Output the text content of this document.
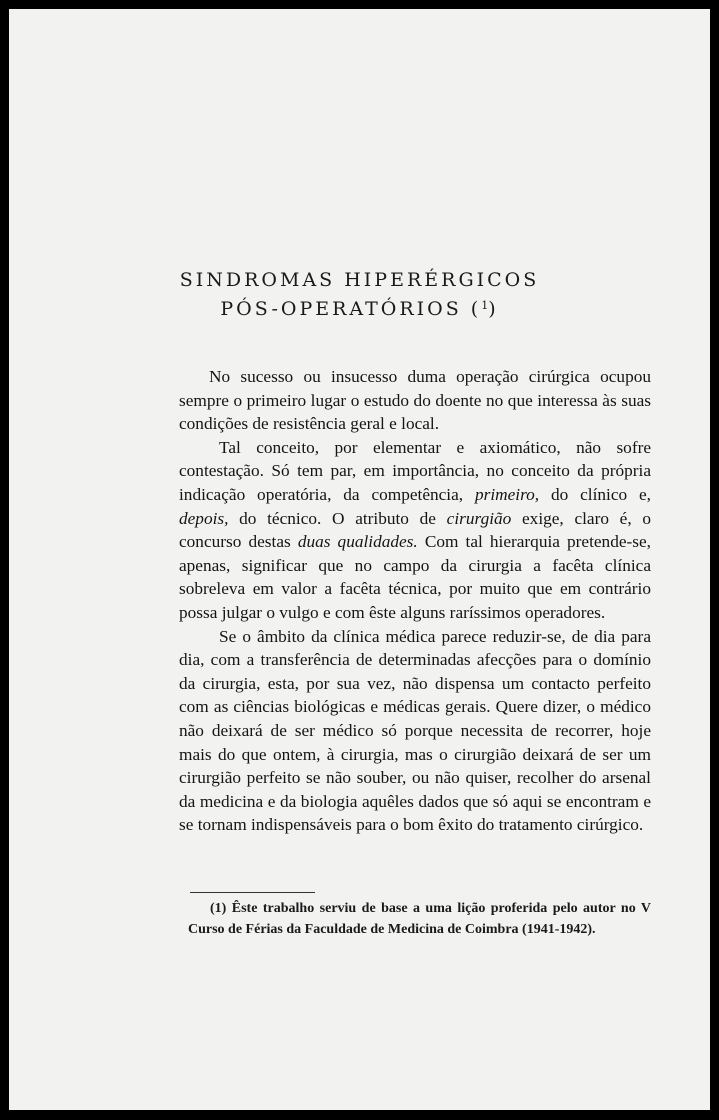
SINDROMAS HIPERÉRGICOS
PÓS-OPERATÓRIOS ($^1$)

No sucesso ou insucesso duma operação cirúrgica ocupou sempre o primeiro lugar o estudo do doente no que interessa às suas condições de resistência geral e local.

Tal conceito, por elementar e axiomático, não sofre contestação. Só tem par, em importância, no conceito da própria indicação operatória, da competência, primeiro, do clínico e, depois, do técnico. O atributo de cirurgião exige, claro é, o concurso destas duas qualidades. Com tal hierarquia pretende-se, apenas, significar que no campo da cirurgia a facêta clínica sobreleva em valor a facêta técnica, por muito que em contrário possa julgar o vulgo e com êste alguns raríssimos operadores.

Se o âmbito da clínica médica parece reduzir-se, de dia para dia, com a transferência de determinadas afecções para o domínio da cirurgia, esta, por sua vez, não dispensa um contacto perfeito com as ciências biológicas e médicas gerais. Quere dizer, o médico não deixará de ser médico só porque necessita de recorrer, hoje mais do que ontem, à cirurgia, mas o cirurgião deixará de ser um cirurgião perfeito se não souber, ou não quiser, recolher do arsenal da medicina e da biologia aquêles dados que só aqui se encontram e se tornam indispensáveis para o bom êxito do tratamento cirúrgico.

(1) Êste trabalho serviu de base a uma lição proferida pelo autor no V Curso de Férias da Faculdade de Medicina de Coimbra (1941-1942).
